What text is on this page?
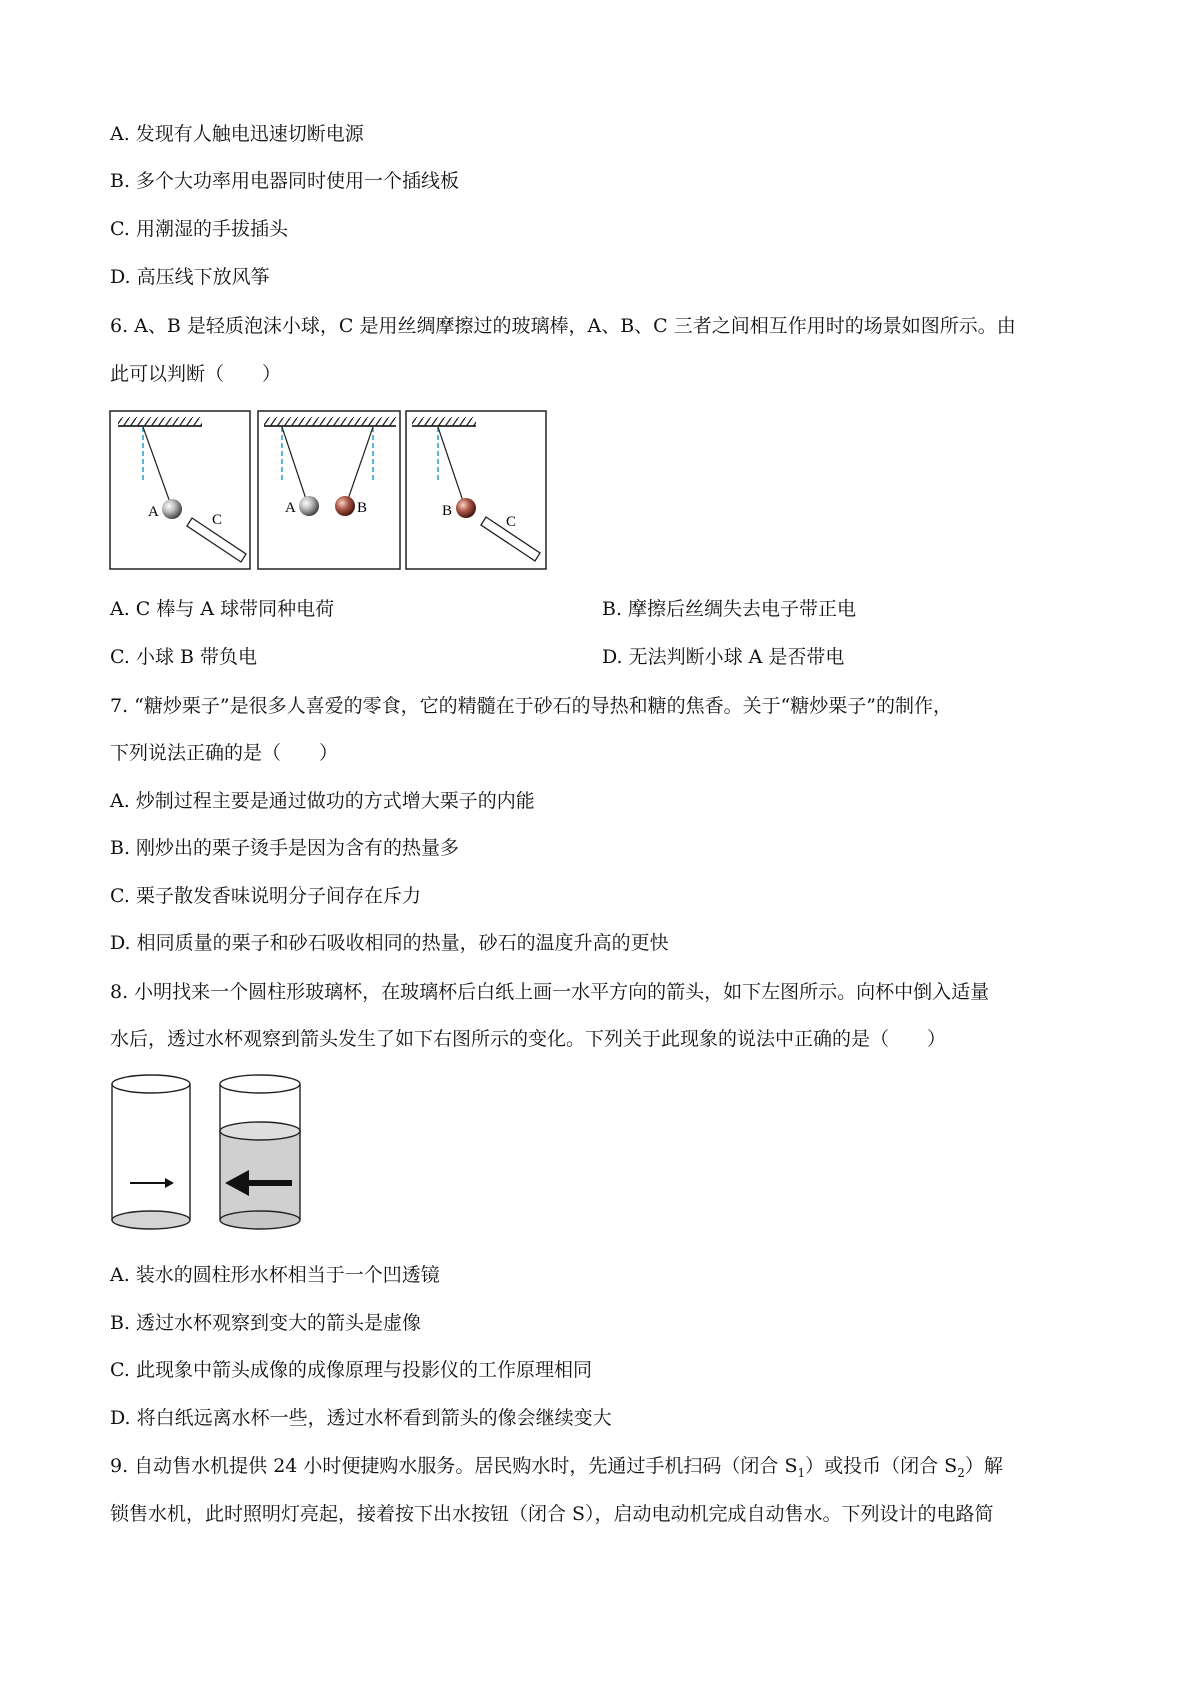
A. 发现有人触电迅速切断电源

B. 多个大功率用电器同时使用一个插线板

C. 用潮湿的手拔插头

D. 高压线下放风筝

6. A、B 是轻质泡沫小球，C 是用丝绸摩擦过的玻璃棒，A、B、C 三者之间相互作用时的场景如图所示。由

此可以判断（　　）

A	C
A	B	B
C

A. C 棒与 A 球带同种电荷	B. 摩擦后丝绸失去电子带正电

C. 小球 B 带负电	D. 无法判断小球 A 是否带电

7. “糖炒栗子”是很多人喜爱的零食，它的精髓在于砂石的导热和糖的焦香。关于“糖炒栗子”的制作，

下列说法正确的是（　　）

A. 炒制过程主要是通过做功的方式增大栗子的内能

B. 刚炒出的栗子烫手是因为含有的热量多

C. 栗子散发香味说明分子间存在斥力

D. 相同质量的栗子和砂石吸收相同的热量，砂石的温度升高的更快

8. 小明找来一个圆柱形玻璃杯，在玻璃杯后白纸上画一水平方向的箭头，如下左图所示。向杯中倒入适量

水后，透过水杯观察到箭头发生了如下右图所示的变化。下列关于此现象的说法中正确的是（　　）

A. 装水的圆柱形水杯相当于一个凹透镜

B. 透过水杯观察到变大的箭头是虚像

C. 此现象中箭头成像的成像原理与投影仪的工作原理相同

D. 将白纸远离水杯一些，透过水杯看到箭头的像会继续变大

9. 自动售水机提供 24 小时便捷购水服务。居民购水时，先通过手机扫码（闭合 $S_1$）或投币（闭合 $S_2$）解

锁售水机，此时照明灯亮起，接着按下出水按钮（闭合 S），启动电动机完成自动售水。下列设计的电路简
